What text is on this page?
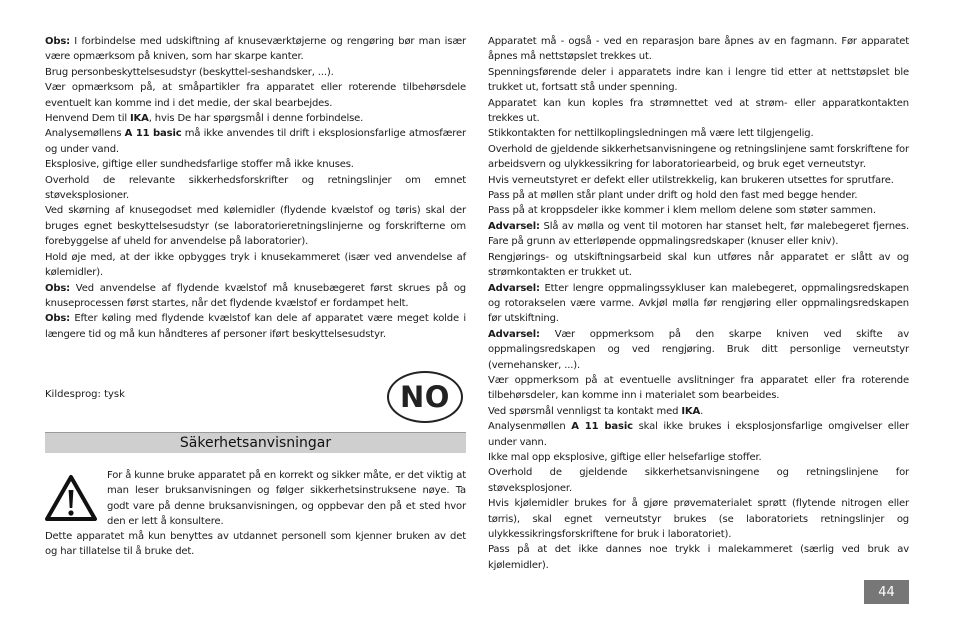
Obs: I forbindelse med udskiftning af knuseværktøjerne og rengøring bør man især være opmærksom på kniven, som har skarpe kanter.

Brug personbeskyttelsesudstyr (beskyttel-seshandsker, ...).

Vær opmærksom på, at småpartikler fra apparatet eller roterende tilbehørsdele eventuelt kan komme ind i det medie, der skal bearbejdes.

Henvend Dem til IKA, hvis De har spørgsmål i denne forbindelse.

Analysemøllens A 11 basic må ikke anvendes til drift i eksplosionsfarlige atmosfærer og under vand.

Eksplosive, giftige eller sundhedsfarlige stoffer må ikke knuses.

Overhold de relevante sikkerhedsforskrifter og retningslinjer om emnet støveksplosioner.

Ved skørning af knusegodset med kølemidler (flydende kvælstof og tøris) skal der bruges egnet beskyttelsesudstyr (se laboratorieretningslinjerne og forskrifterne om forebyggelse af uheld for anvendelse på laboratorier).

Hold øje med, at der ikke opbygges tryk i knusekammeret (især ved anvendelse af kølemidler).

Obs: Ved anvendelse af flydende kvælstof må knusebægeret først skrues på og knuseprocessen først startes, når det flydende kvælstof er fordampet helt.

Obs: Efter køling med flydende kvælstof kan dele af apparatet være meget kolde i længere tid og må kun håndteres af personer iført beskyttelsesudstyr.

Kildesprog: tysk	NO
Säkerhetsanvisningar
For å kunne bruke apparatet på en korrekt og sikker måte, er det viktig at man leser bruksanvisningen og følger sikkerhetsinstruksene nøye. Ta godt vare på denne bruksanvisningen, og oppbevar den på et sted hvor den er lett å konsultere.
Dette apparatet må kun benyttes av utdannet personell som kjenner bruken av det og har tillatelse til å bruke det.

Apparatet må - også - ved en reparasjon bare åpnes av en fagmann. Før apparatet åpnes må nettstøpslet trekkes ut.

Spenningsførende deler i apparatets indre kan i lengre tid etter at nettstøpslet ble trukket ut, fortsatt stå under spenning.

Apparatet kan kun koples fra strømnettet ved at strøm- eller apparatkontakten trekkes ut.

Stikkontakten for nettilkoplingsledningen må være lett tilgjengelig.

Overhold de gjeldende sikkerhetsanvisningene og retningslinjene samt forskriftene for arbeidsvern og ulykkessikring for laboratoriearbeid, og bruk eget verneutstyr.

Hvis verneutstyret er defekt eller utilstrekkelig, kan brukeren utsettes for sprutfare.

Pass på at møllen står plant under drift og hold den fast med begge hender.

Pass på at kroppsdeler ikke kommer i klem mellom delene som støter sammen.

Advarsel: Slå av mølla og vent til motoren har stanset helt, før malebegeret fjernes. Fare på grunn av etterløpende oppmalingsredskaper (knuser eller kniv).

Rengjørings- og utskiftningsarbeid skal kun utføres når apparatet er slått av og strømkontakten er trukket ut.

Advarsel: Etter lengre oppmalingssykluser kan malebegeret, oppmalingsredskapen og rotorakselen være varme. Avkjøl mølla før rengjøring eller oppmalingsredskapen før utskiftning.

Advarsel: Vær oppmerksom på den skarpe kniven ved skifte av oppmalingsredskapen og ved rengjøring. Bruk ditt personlige verneutstyr (vernehansker, ...).

Vær oppmerksom på at eventuelle avslitninger fra apparatet eller fra roterende tilbehørsdeler, kan komme inn i materialet som bearbeides.

Ved spørsmål vennligst ta kontakt med IKA.

Analysenmøllen A 11 basic skal ikke brukes i eksplosjonsfarlige omgivelser eller under vann.

Ikke mal opp eksplosive, giftige eller helsefarlige stoffer.

Overhold de gjeldende sikkerhetsanvisningene og retningslinjene for støveksplosjoner.

Hvis kjølemidler brukes for å gjøre prøvematerialet sprøtt (flytende nitrogen eller tørris), skal egnet verneutstyr brukes (se laboratoriets retningslinjer og ulykkessikringsforskriftene for bruk i laboratoriet).

Pass på at det ikke dannes noe trykk i malekammeret (særlig ved bruk av kjølemidler).

44
